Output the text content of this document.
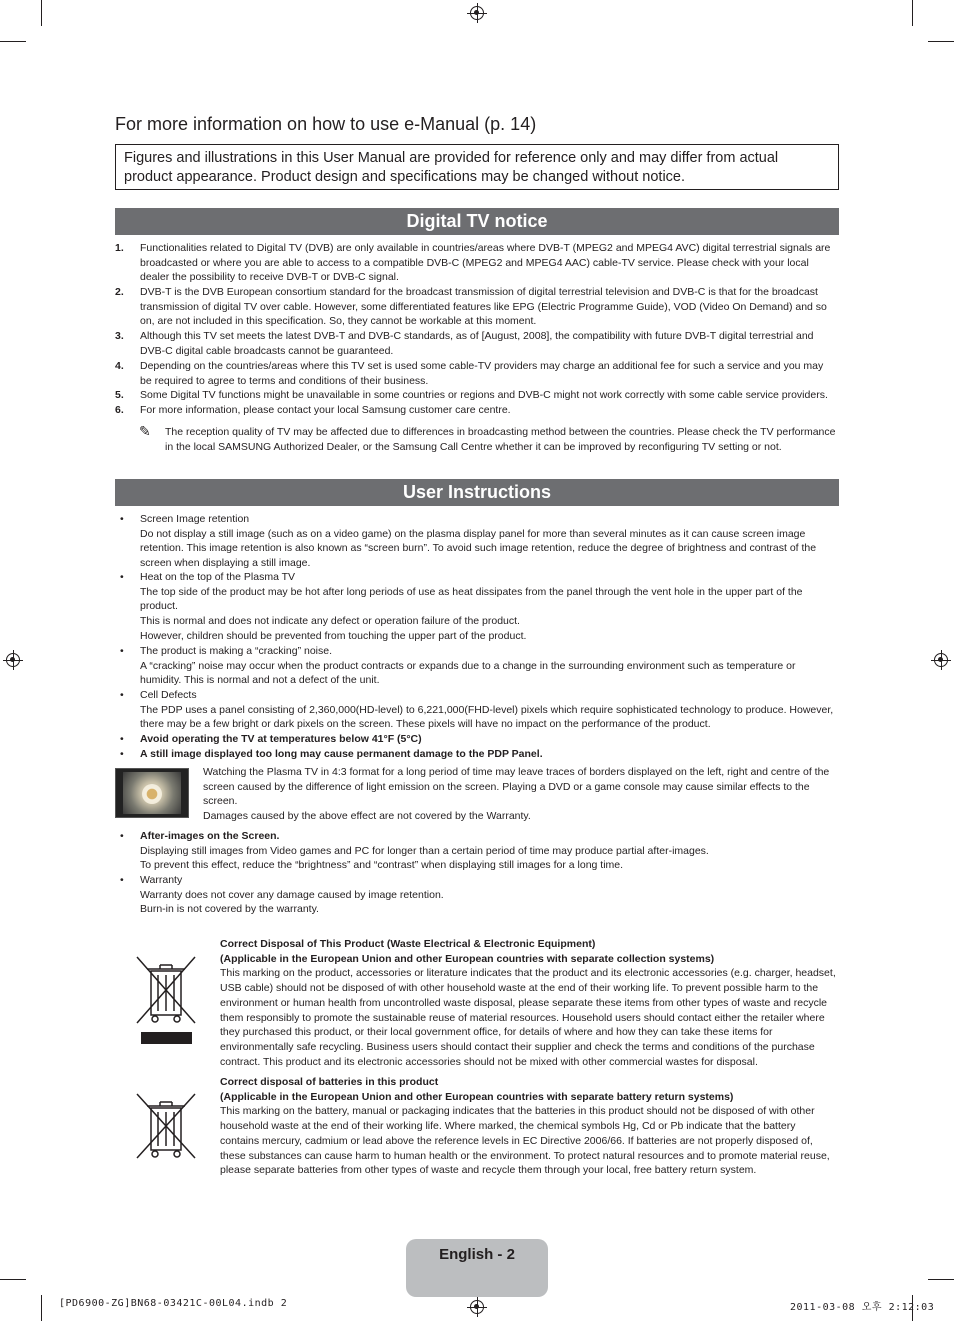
For more information on how to use e-Manual (p. 14)
Figures and illustrations in this User Manual are provided for reference only and may differ from actual product appearance. Product design and specifications may be changed without notice.
Digital TV notice
1. Functionalities related to Digital TV (DVB) are only available in countries/areas where DVB-T (MPEG2 and MPEG4 AVC) digital terrestrial signals are broadcasted or where you are able to access to a compatible DVB-C (MPEG2 and MPEG4 AAC) cable-TV service. Please check with your local dealer the possibility to receive DVB-T or DVB-C signal.
2. DVB-T is the DVB European consortium standard for the broadcast transmission of digital terrestrial television and DVB-C is that for the broadcast transmission of digital TV over cable. However, some differentiated features like EPG (Electric Programme Guide), VOD (Video On Demand) and so on, are not included in this specification. So, they cannot be workable at this moment.
3. Although this TV set meets the latest DVB-T and DVB-C standards, as of [August, 2008], the compatibility with future DVB-T digital terrestrial and DVB-C digital cable broadcasts cannot be guaranteed.
4. Depending on the countries/areas where this TV set is used some cable-TV providers may charge an additional fee for such a service and you may be required to agree to terms and conditions of their business.
5. Some Digital TV functions might be unavailable in some countries or regions and DVB-C might not work correctly with some cable service providers.
6. For more information, please contact your local Samsung customer care centre.
✎ The reception quality of TV may be affected due to differences in broadcasting method between the countries. Please check the TV performance in the local SAMSUNG Authorized Dealer, or the Samsung Call Centre whether it can be improved by reconfiguring TV setting or not.
User Instructions
• Screen Image retention
Do not display a still image (such as on a video game) on the plasma display panel for more than several minutes as it can cause screen image retention. This image retention is also known as “screen burn”. To avoid such image retention, reduce the degree of brightness and contrast of the screen when displaying a still image.
• Heat on the top of the Plasma TV
The top side of the product may be hot after long periods of use as heat dissipates from the panel through the vent hole in the upper part of the product.
This is normal and does not indicate any defect or operation failure of the product.
However, children should be prevented from touching the upper part of the product.
• The product is making a “cracking” noise.
A “cracking” noise may occur when the product contracts or expands due to a change in the surrounding environment such as temperature or humidity. This is normal and not a defect of the unit.
• Cell Defects
The PDP uses a panel consisting of 2,360,000(HD-level) to 6,221,000(FHD-level) pixels which require sophisticated technology to produce. However, there may be a few bright or dark pixels on the screen. These pixels will have no impact on the performance of the product.
• Avoid operating the TV at temperatures below 41°F (5°C)
• A still image displayed too long may cause permanent damage to the PDP Panel.
Watching the Plasma TV in 4:3 format for a long period of time may leave traces of borders displayed on the left, right and centre of the screen caused by the difference of light emission on the screen. Playing a DVD or a game console may cause similar effects to the screen.
Damages caused by the above effect are not covered by the Warranty.
• After-images on the Screen.
Displaying still images from Video games and PC for longer than a certain period of time may produce partial after-images.
To prevent this effect, reduce the “brightness” and “contrast” when displaying still images for a long time.
• Warranty
Warranty does not cover any damage caused by image retention.
Burn-in is not covered by the warranty.
Correct Disposal of This Product (Waste Electrical & Electronic Equipment)
(Applicable in the European Union and other European countries with separate collection systems)
This marking on the product, accessories or literature indicates that the product and its electronic accessories (e.g. charger, headset, USB cable) should not be disposed of with other household waste at the end of their working life. To prevent possible harm to the environment or human health from uncontrolled waste disposal, please separate these items from other types of waste and recycle them responsibly to promote the sustainable reuse of material resources. Household users should contact either the retailer where they purchased this product, or their local government office, for details of where and how they can take these items for environmentally safe recycling. Business users should contact their supplier and check the terms and conditions of the purchase contract. This product and its electronic accessories should not be mixed with other commercial wastes for disposal.
Correct disposal of batteries in this product
(Applicable in the European Union and other European countries with separate battery return systems)
This marking on the battery, manual or packaging indicates that the batteries in this product should not be disposed of with other household waste at the end of their working life. Where marked, the chemical symbols Hg, Cd or Pb indicate that the battery contains mercury, cadmium or lead above the reference levels in EC Directive 2006/66. If batteries are not properly disposed of, these substances can cause harm to human health or the environment. To protect natural resources and to promote material reuse, please separate batteries from other types of waste and recycle them through your local, free battery return system.
English - 2
[PD6900-ZG]BN68-03421C-00L04.indb 2	2011-03-08 오후 2:12:03
